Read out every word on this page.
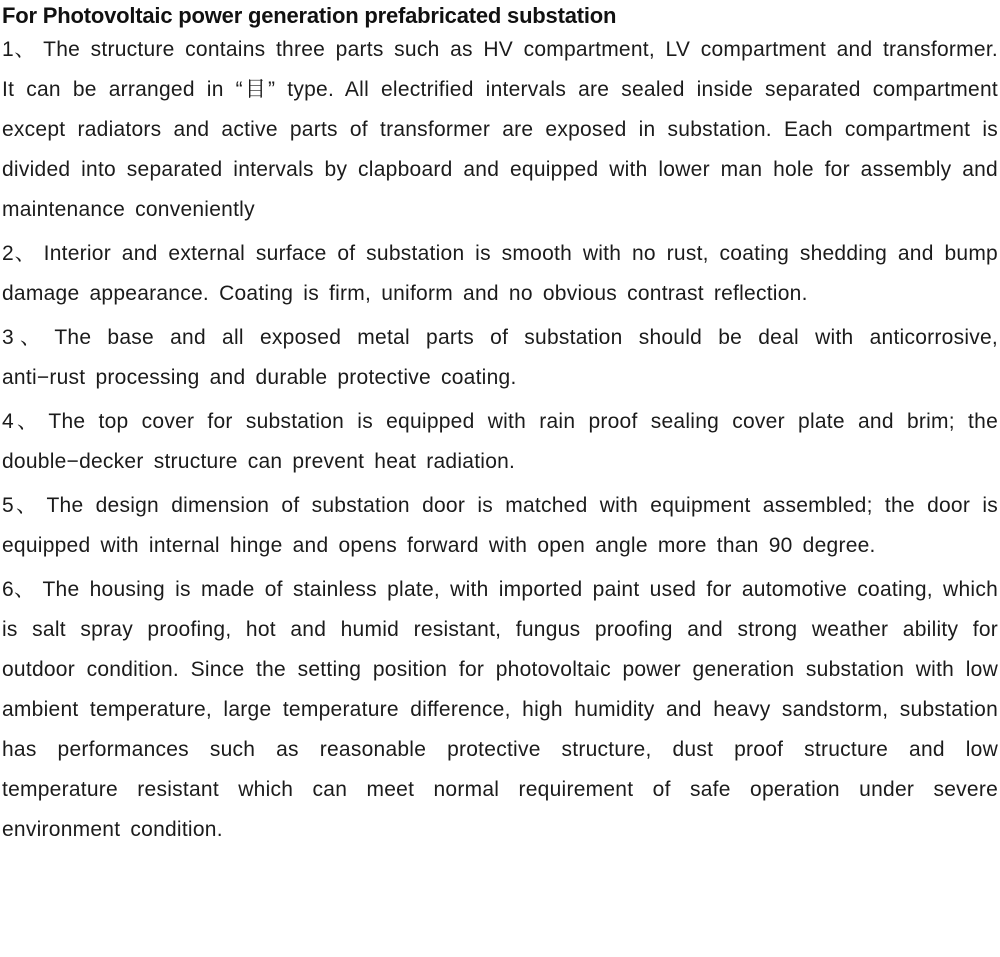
For Photovoltaic power generation prefabricated substation

1、 The structure contains three parts such as HV compartment, LV compartment and transformer. It can be arranged in “目” type. All electrified intervals are sealed inside separated compartment except radiators and active parts of transformer are exposed in substation. Each compartment is divided into separated intervals by clapboard and equipped with lower man hole for assembly and maintenance conveniently

2、 Interior and external surface of substation is smooth with no rust, coating shedding and bump damage appearance. Coating is firm, uniform and no obvious contrast reflection.

3、 The base and all exposed metal parts of substation should be deal with anticorrosive, anti−rust processing and durable protective coating.

4、 The top cover for substation is equipped with rain proof sealing cover plate and brim; the double−decker structure can prevent heat radiation.

5、 The design dimension of substation door is matched with equipment assembled; the door is equipped with internal hinge and opens forward with open angle more than 90 degree.

6、 The housing is made of stainless plate, with imported paint used for automotive coating, which is salt spray proofing, hot and humid resistant, fungus proofing and strong weather ability for outdoor condition. Since the setting position for photovoltaic power generation substation with low ambient temperature, large temperature difference, high humidity and heavy sandstorm, substation has performances such as reasonable protective structure, dust proof structure and low temperature resistant which can meet normal requirement of safe operation under severe environment condition.
